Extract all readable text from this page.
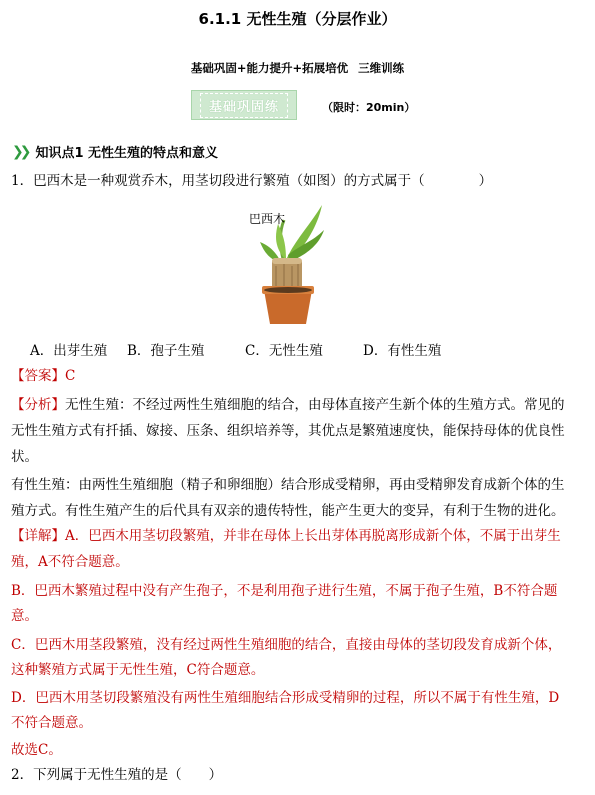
6.1.1 无性生殖（分层作业）
基础巩固+能力提升+拓展培优 三维训练
基础巩固练	（限时：20min）
❯❯ 知识点1 无性生殖的特点和意义
1．巴西木是一种观赏乔木，用茎切段进行繁殖（如图）的方式属于（　　　　）
巴西木
A．出芽生殖 B．孢子生殖	C．无性生殖	D．有性生殖
【答案】C
【分析】无性生殖：不经过两性生殖细胞的结合，由母体直接产生新个体的生殖方式。常见的
无性生殖方式有扦插、嫁接、压条、组织培养等，其优点是繁殖速度快，能保持母体的优良性
状。
有性生殖：由两性生殖细胞（精子和卵细胞）结合形成受精卵，再由受精卵发育成新个体的生
殖方式。有性生殖产生的后代具有双亲的遗传特性，能产生更大的变异，有利于生物的进化。
【详解】A．巴西木用茎切段繁殖，并非在母体上长出芽体再脱离形成新个体，不属于出芽生
殖，A不符合题意。
B．巴西木繁殖过程中没有产生孢子，不是利用孢子进行生殖，不属于孢子生殖，B不符合题
意。
C．巴西木用茎段繁殖，没有经过两性生殖细胞的结合，直接由母体的茎切段发育成新个体，
这种繁殖方式属于无性生殖，C符合题意。
D．巴西木用茎切段繁殖没有两性生殖细胞结合形成受精卵的过程，所以不属于有性生殖，D
不符合题意。
故选C。
2．下列属于无性生殖的是（　　）
